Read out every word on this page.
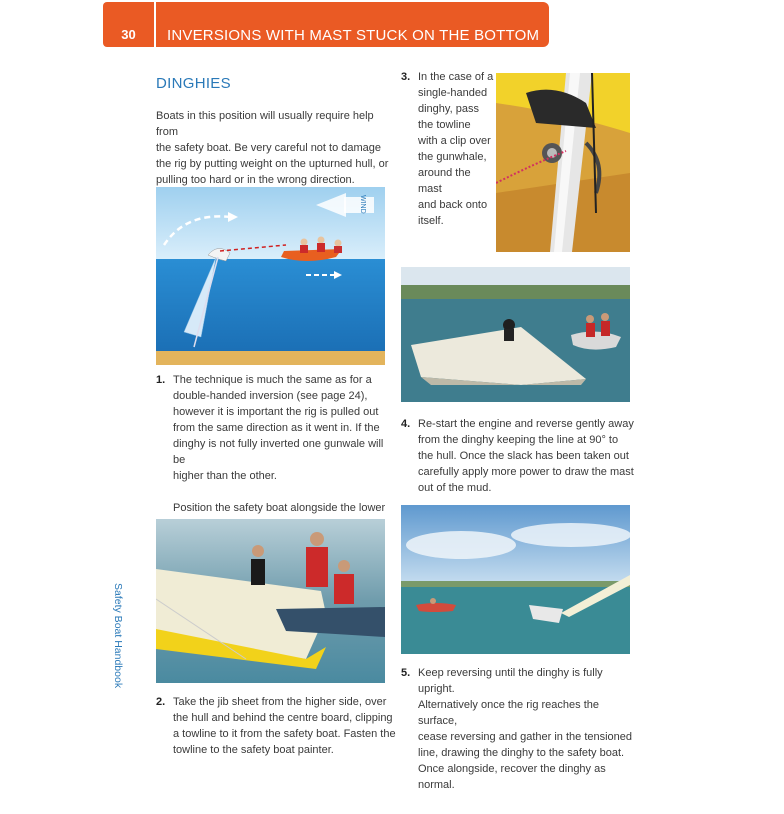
30	INVERSIONS WITH MAST STUCK ON THE BOTTOM
DINGHIES
Boats in this position will usually require help from
the safety boat. Be very careful not to damage
the rig by putting weight on the upturned hull, or
pulling too hard or in the wrong direction.
WIND
1. The technique is much the same as for a
double-handed inversion (see page 24),
however it is important the rig is pulled out
from the same direction as it went in. If the
dinghy is not fully inverted one gunwale will be
higher than the other.
Position the safety boat alongside the lower
2. Take the jib sheet from the higher side, over
the hull and behind the centre board, clipping
a towline to it from the safety boat. Fasten the
towline to the safety boat painter.
3. In the case of a
single-handed
dinghy, pass
the towline
with a clip over
the gunwhale,
around the mast
and back onto
itself.
4. Re-start the engine and reverse gently away
from the dinghy keeping the line at 90° to
the hull. Once the slack has been taken out
carefully apply more power to draw the mast
out of the mud.
5. Keep reversing until the dinghy is fully upright.
Alternatively once the rig reaches the surface,
cease reversing and gather in the tensioned
line, drawing the dinghy to the safety boat.
Once alongside, recover the dinghy as normal.
Safety Boat Handbook
